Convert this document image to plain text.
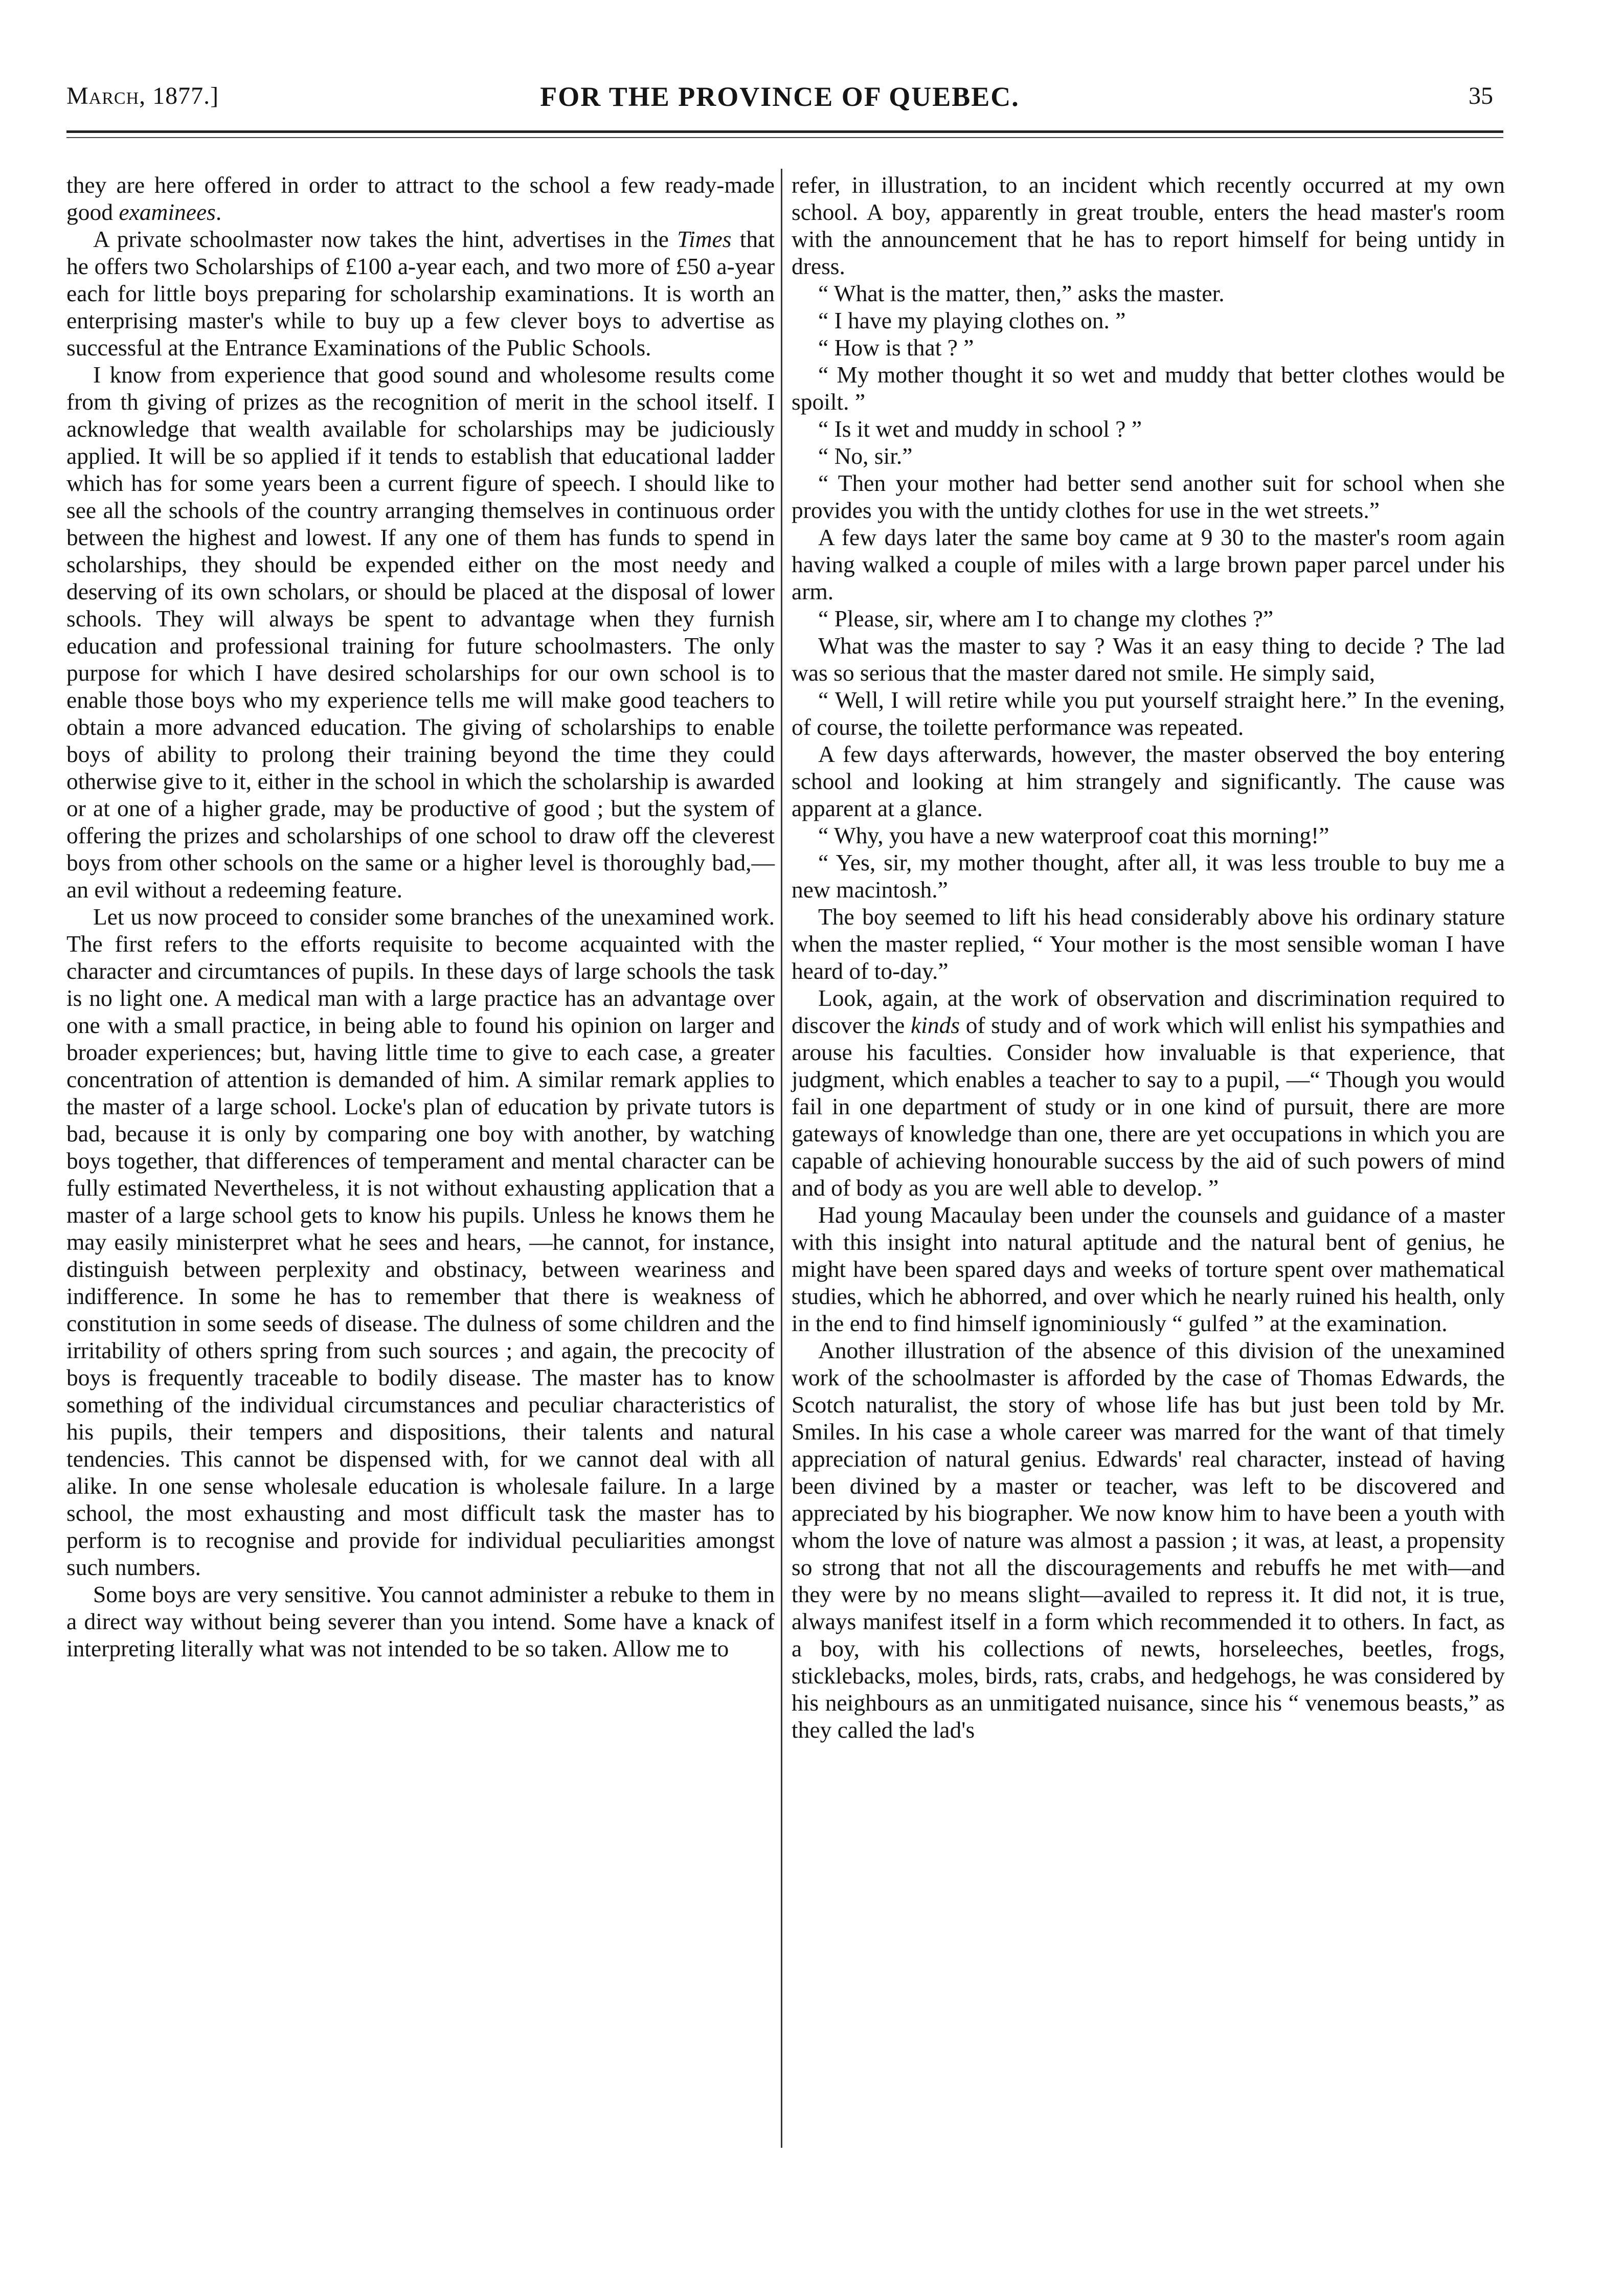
March, 1877.]	FOR THE PROVINCE OF QUEBEC.	35

they are here offered in order to attract to the school a few ready-made good examinees.

A private schoolmaster now takes the hint, advertises in the Times that he offers two Scholarships of £100 a-year each, and two more of £50 a-year each for little boys preparing for scholarship examinations. It is worth an enterprising master's while to buy up a few clever boys to advertise as successful at the Entrance Examinations of the Public Schools.

I know from experience that good sound and wholesome results come from th giving of prizes as the recognition of merit in the school itself. I acknowledge that wealth available for scholarships may be judiciously applied. It will be so applied if it tends to establish that educational ladder which has for some years been a current figure of speech. I should like to see all the schools of the country arranging themselves in continuous order between the highest and lowest. If any one of them has funds to spend in scholarships, they should be expended either on the most needy and deserving of its own scholars, or should be placed at the disposal of lower schools. They will always be spent to advantage when they furnish education and professional training for future schoolmasters. The only purpose for which I have desired scholarships for our own school is to enable those boys who my experience tells me will make good teachers to obtain a more advanced education. The giving of scholarships to enable boys of ability to prolong their training beyond the time they could otherwise give to it, either in the school in which the scholarship is awarded or at one of a higher grade, may be productive of good ; but the system of offering the prizes and scholarships of one school to draw off the cleverest boys from other schools on the same or a higher level is thoroughly bad,—an evil without a redeeming feature.

Let us now proceed to consider some branches of the unexamined work. The first refers to the efforts requisite to become acquainted with the character and circumtances of pupils. In these days of large schools the task is no light one. A medical man with a large practice has an advantage over one with a small practice, in being able to found his opinion on larger and broader experiences; but, having little time to give to each case, a greater concentration of attention is demanded of him. A similar remark applies to the master of a large school. Locke's plan of education by private tutors is bad, because it is only by comparing one boy with another, by watching boys together, that differences of temperament and mental character can be fully estimated Nevertheless, it is not without exhausting application that a master of a large school gets to know his pupils. Unless he knows them he may easily ministerpret what he sees and hears, —he cannot, for instance, distinguish between perplexity and obstinacy, between weariness and indifference. In some he has to remember that there is weakness of constitution in some seeds of disease. The dulness of some children and the irritability of others spring from such sources ; and again, the precocity of boys is frequently traceable to bodily disease. The master has to know something of the individual circumstances and peculiar characteristics of his pupils, their tempers and dispositions, their talents and natural tendencies. This cannot be dispensed with, for we cannot deal with all alike. In one sense wholesale education is wholesale failure. In a large school, the most exhausting and most difficult task the master has to perform is to recognise and provide for individual peculiarities amongst such numbers.

Some boys are very sensitive. You cannot administer a rebuke to them in a direct way without being severer than you intend. Some have a knack of interpreting literally what was not intended to be so taken. Allow me to

refer, in illustration, to an incident which recently occurred at my own school. A boy, apparently in great trouble, enters the head master's room with the announcement that he has to report himself for being untidy in dress.

“ What is the matter, then,” asks the master.

“ I have my playing clothes on. ”

“ How is that ? ”

“ My mother thought it so wet and muddy that better clothes would be spoilt. ”

“ Is it wet and muddy in school ? ”

“ No, sir.”

“ Then your mother had better send another suit for school when she provides you with the untidy clothes for use in the wet streets.”

A few days later the same boy came at 9 30 to the master's room again having walked a couple of miles with a large brown paper parcel under his arm.

“ Please, sir, where am I to change my clothes ?”

What was the master to say ? Was it an easy thing to decide ? The lad was so serious that the master dared not smile. He simply said,

“ Well, I will retire while you put yourself straight here.” In the evening, of course, the toilette performance was repeated.

A few days afterwards, however, the master observed the boy entering school and looking at him strangely and significantly. The cause was apparent at a glance.

“ Why, you have a new waterproof coat this morning!”

“ Yes, sir, my mother thought, after all, it was less trouble to buy me a new macintosh.”

The boy seemed to lift his head considerably above his ordinary stature when the master replied, “ Your mother is the most sensible woman I have heard of to-day.”

Look, again, at the work of observation and discrimination required to discover the kinds of study and of work which will enlist his sympathies and arouse his faculties. Consider how invaluable is that experience, that judgment, which enables a teacher to say to a pupil, —“ Though you would fail in one department of study or in one kind of pursuit, there are more gateways of knowledge than one, there are yet occupations in which you are capable of achieving honourable success by the aid of such powers of mind and of body as you are well able to develop. ”

Had young Macaulay been under the counsels and guidance of a master with this insight into natural aptitude and the natural bent of genius, he might have been spared days and weeks of torture spent over mathematical studies, which he abhorred, and over which he nearly ruined his health, only in the end to find himself ignominiously “ gulfed ” at the examination.

Another illustration of the absence of this division of the unexamined work of the schoolmaster is afforded by the case of Thomas Edwards, the Scotch naturalist, the story of whose life has but just been told by Mr. Smiles. In his case a whole career was marred for the want of that timely appreciation of natural genius. Edwards' real character, instead of having been divined by a master or teacher, was left to be discovered and appreciated by his biographer. We now know him to have been a youth with whom the love of nature was almost a passion ; it was, at least, a propensity so strong that not all the discouragements and rebuffs he met with—and they were by no means slight—availed to repress it. It did not, it is true, always manifest itself in a form which recommended it to others. In fact, as a boy, with his collections of newts, horseleeches, beetles, frogs, sticklebacks, moles, birds, rats, crabs, and hedgehogs, he was considered by his neighbours as an unmitigated nuisance, since his “ venemous beasts,” as they called the lad's
